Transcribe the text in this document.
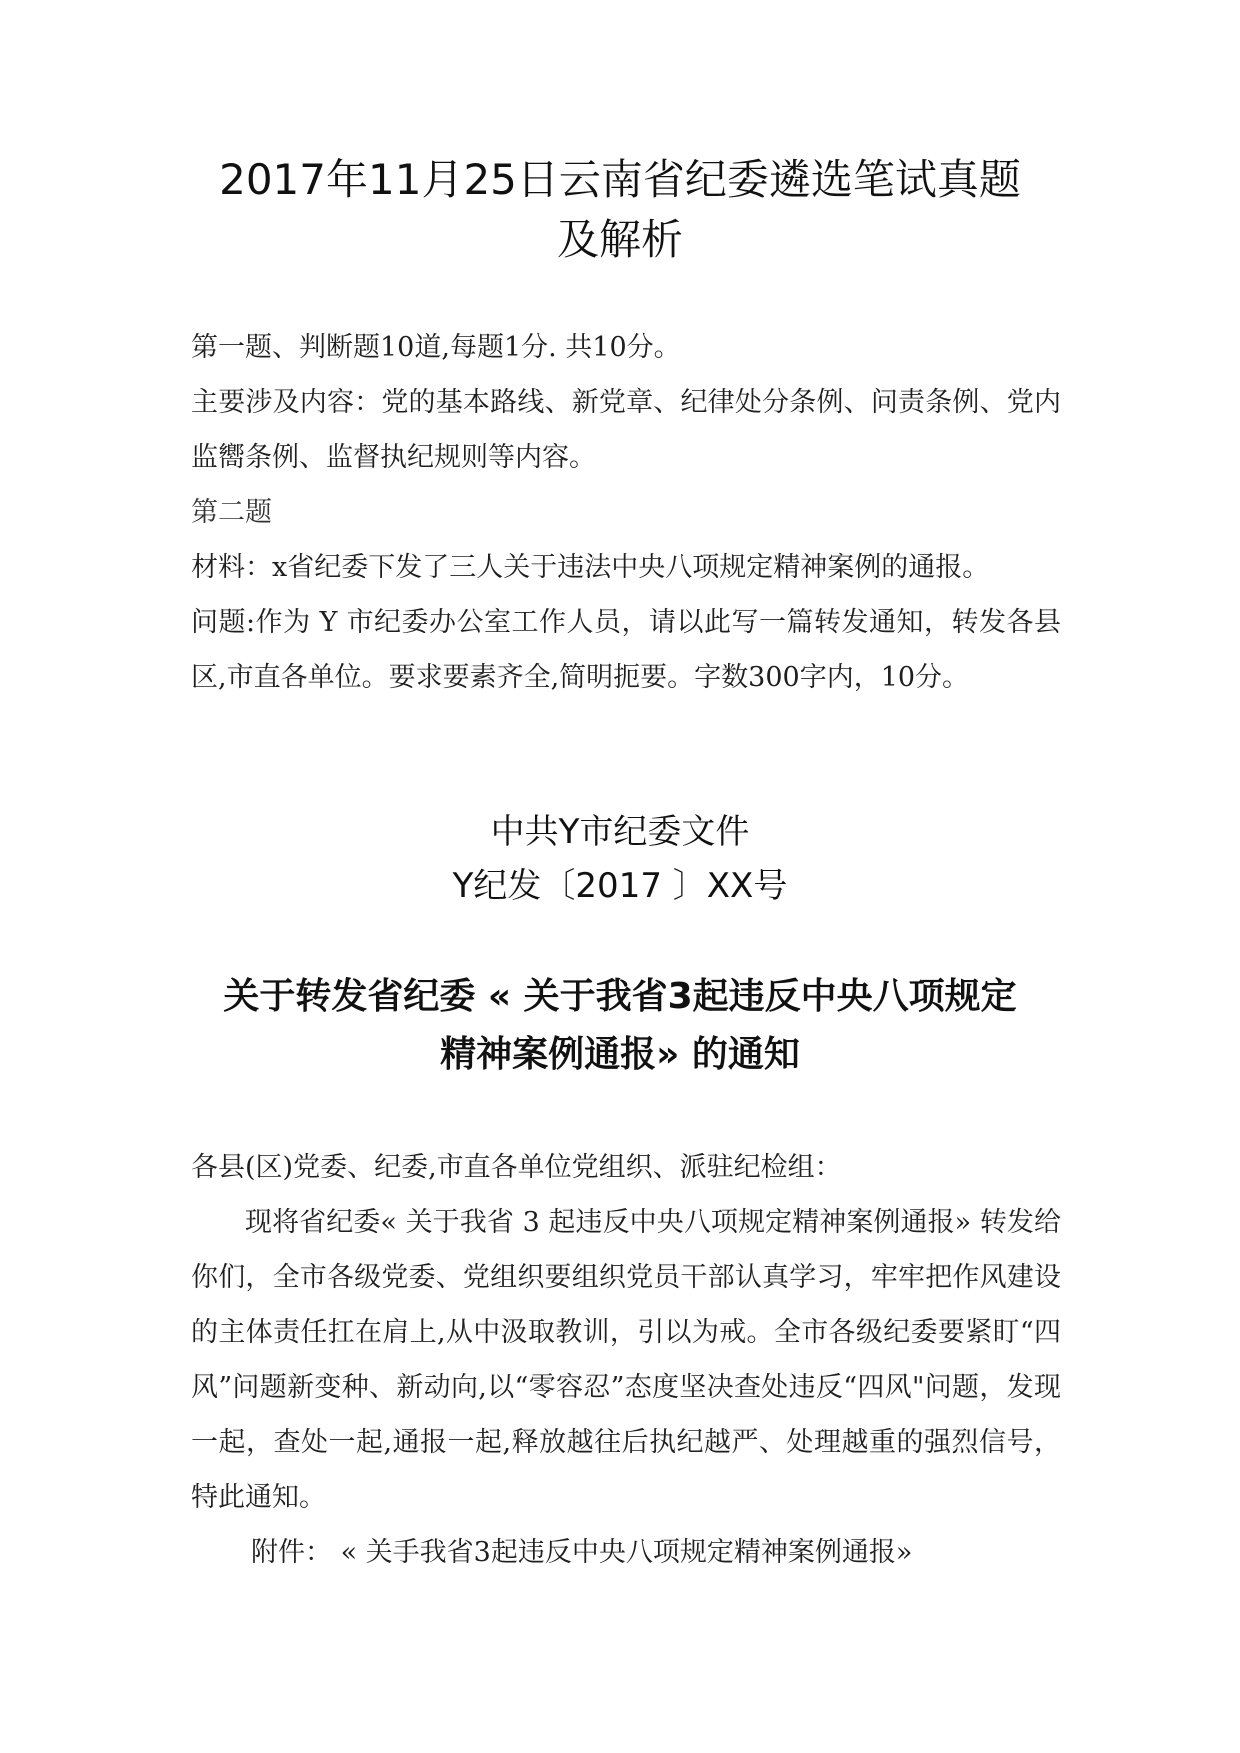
2017年11月25日云南省纪委遴选笔试真题
及解析

第一题、判断题10道,每题1分. 共10分。

主要涉及内容：党的基本路线、新党章、纪律处分条例、问责条例、党内监嚮条例、监督执纪规则等内容。

第二题

材料：x省纪委下发了三人关于违法中央八项规定精神案例的通报。

问题:作为 Y 市纪委办公室工作人员，请以此写一篇转发通知，转发各县区,市直各单位。要求要素齐全,简明扼要。字数300字内，10分。

中共Y市纪委文件
Y纪发〔2017 〕XX号
关于转发省纪委 « 关于我省3起违反中央八项规定
精神案例通报» 的通知

各县(区)党委、纪委,市直各单位党组织、派驻纪检组：

现将省纪委« 关于我省 3 起违反中央八项规定精神案例通报» 转发给你们，全市各级党委、党组织要组织党员干部认真学习，牢牢把作风建设的主体责任扛在肩上,从中汲取教训，引以为戒。全市各级纪委要紧盯“四风”问题新变种、新动向,以“零容忍”态度坚决查处违反“四风"问题，发现一起，查处一起,通报一起,释放越往后执纪越严、处理越重的强烈信号，特此通知。

附件： « 关手我省3起违反中央八项规定精神案例通报»
